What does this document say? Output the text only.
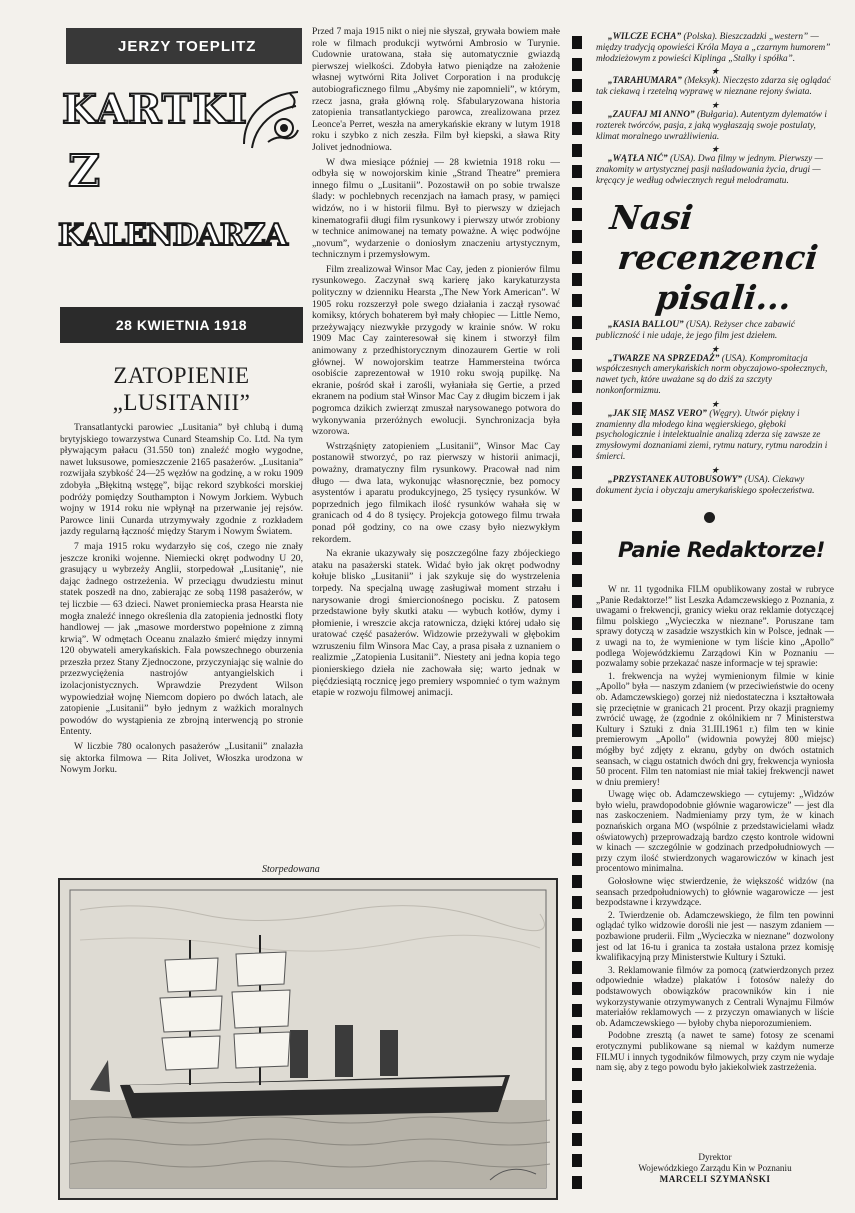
JERZY TOEPLITZ
KARTKI
Z
KALENDARZA
28 KWIETNIA 1918
ZATOPIENIE
„LUSITANII”

Transatlantycki parowiec „Lusitania” był chlubą i dumą brytyjskiego towarzystwa Cunard Steamship Co. Ltd. Na tym pływającym pałacu (31.550 ton) znaleźć mogło wygodne, nawet luksusowe, pomieszczenie 2165 pasażerów. „Lusitania” rozwijała szybkość 24—25 węzłów na godzinę, a w roku 1909 zdobyła „Błękitną wstęgę”, bijąc rekord szybkości morskiej podróży pomiędzy Southampton i Nowym Jorkiem. Wybuch wojny w 1914 roku nie wpłynął na przerwanie jej rejsów. Parowce linii Cunarda utrzymywały zgodnie z rozkładem jazdy regularną łączność między Starym i Nowym Światem.

7 maja 1915 roku wydarzyło się coś, czego nie znały jeszcze kroniki wojenne. Niemiecki okręt podwodny U 20, grasujący u wybrzeży Anglii, storpedował „Lusitanię”, nie dając żadnego ostrzeżenia. W przeciągu dwudziestu minut statek poszedł na dno, zabierając ze sobą 1198 pasażerów, w tej liczbie — 63 dzieci. Nawet proniemiecka prasa Hearsta nie mogła znaleźć innego określenia dla zatopienia jednostki floty handlowej — jak „masowe morderstwo popełnione z zimną krwią”. W odmętach Oceanu znalazło śmierć między innymi 120 obywateli amerykańskich. Fala powszechnego oburzenia przeszła przez Stany Zjednoczone, przyczyniając się walnie do przezwyciężenia nastrojów antyangielskich i izolacjonistycznych. Wprawdzie Prezydent Wilson wypowiedział wojnę Niemcom dopiero po dwóch latach, ale zatopienie „Lusitanii” było jednym z ważkich moralnych powodów do wystąpienia ze zbrojną interwencją po stronie Ententy.

W liczbie 780 ocalonych pasażerów „Lusitanii” znalazła się aktorka filmowa — Rita Jolivet, Włoszka urodzona w Nowym Jorku.

Przed 7 maja 1915 nikt o niej nie słyszał, grywała bowiem małe role w filmach produkcji wytwórni Ambrosio w Turynie. Cudownie uratowana, stała się automatycznie gwiazdą pierwszej wielkości. Zdobyła łatwo pieniądze na założenie własnej wytwórni Rita Jolivet Corporation i na produkcję autobiograficznego filmu „Abyśmy nie zapomnieli”, w którym, rzecz jasna, grała główną rolę. Sfabularyzowana historia zatopienia transatlantyckiego parowca, zrealizowana przez Leonce'a Perret, weszła na amerykańskie ekrany w lutym 1918 roku i szybko z nich zeszła. Film był kiepski, a sława Rity Jolivet jednodniowa.

W dwa miesiące później — 28 kwietnia 1918 roku — odbyła się w nowojorskim kinie „Strand Theatre” premiera innego filmu o „Lusitanii”. Pozostawił on po sobie trwalsze ślady: w pochlebnych recenzjach na łamach prasy, w pamięci widzów, no i w historii filmu. Był to pierwszy w dziejach kinematografii długi film rysunkowy i pierwszy utwór zrobiony w technice animowanej na tematy poważne. A więc podwójne „novum”, wydarzenie o doniosłym znaczeniu artystycznym, technicznym i przemysłowym.

Film zrealizował Winsor Mac Cay, jeden z pionierów filmu rysunkowego. Zaczynał swą karierę jako karykaturzysta polityczny w dzienniku Hearsta „The New York American”. W 1905 roku rozszerzył pole swego działania i zaczął rysować komiksy, których bohaterem był mały chłopiec — Little Nemo, przeżywający niezwykłe przygody w krainie snów. W roku 1909 Mac Cay zainteresował się kinem i stworzył film animowany z przedhistorycznym dinozaurem Gertie w roli głównej. W nowojorskim teatrze Hammersteina twórca osobiście zaprezentował w 1910 roku swoją pupilkę. Na ekranie, pośród skał i zarośli, wyłaniała się Gertie, a przed ekranem na podium stał Winsor Mac Cay z długim biczem i jak pogromca dzikich zwierząt zmuszał narysowanego potwora do wykonywania przeróżnych ewolucji. Synchronizacja była wzorowa.

Wstrząśnięty zatopieniem „Lusitanii”, Winsor Mac Cay postanowił stworzyć, po raz pierwszy w historii animacji, poważny, dramatyczny film rysunkowy. Pracował nad nim długo — dwa lata, wykonując własnoręcznie, bez pomocy asystentów i aparatu produkcyjnego, 25 tysięcy rysunków. W poprzednich jego filmikach ilość rysunków wahała się w granicach od 4 do 8 tysięcy. Projekcja gotowego filmu trwała ponad pół godziny, co na owe czasy było niezwykłym rekordem.

Na ekranie ukazywały się poszczególne fazy zbójeckiego ataku na pasażerski statek. Widać było jak okręt podwodny kołuje blisko „Lusitanii” i jak szykuje się do wystrzelenia torpedy. Na specjalną uwagę zasługiwał moment strzału i narysowanie drogi śmiercionośnego pocisku. Z patosem przedstawione były skutki ataku — wybuch kotłów, dymy i płomienie, i wreszcie akcja ratownicza, dzięki której udało się uratować część pasażerów. Widzowie przeżywali w głębokim wzruszeniu film Winsora Mac Cay, a prasa pisała z uznaniem o realizmie „Zatopienia Lusitanii”. Niestety ani jedna kopia tego pionierskiego dzieła nie zachowała się; warto jednak w pięćdziesiątą rocznicę jego premiery wspomnieć o tym ważnym etapie w rozwoju filmowej animacji.

Storpedowana
„WILCZE ECHA” (Polska). Bieszczadzki „western” — między tradycją opowieści Króla Maya a „czarnym humorem” młodzieżowym z powieści Kiplinga „Stalky i spółka”.
★
„TARAHUMARA” (Meksyk). Nieczęsto zdarza się oglądać tak ciekawą i rzetelną wyprawę w nieznane rejony świata.
★
„ZAUFAJ MI ANNO” (Bułgaria). Autentyzm dylematów i rozterek twórców, pasja, z jaką wygłaszają swoje postulaty, klimat moralnego uwrażliwienia.
★
„WĄTŁA NIĆ” (USA). Dwa filmy w jednym. Pierwszy — znakomity w artystycznej pasji naśladowania życia, drugi — kręcący je według odwiecznych reguł melodramatu.
Nasi
recenzenci
pisali...
„KASIA BALLOU” (USA). Reżyser chce zabawić publiczność i nie udaje, że jego film jest dziełem.
★
„TWARZE NA SPRZEDAŻ” (USA). Kompromitacja współczesnych amerykańskich norm obyczajowo-społecznych, nawet tych, które uważane są do dziś za szczyty nonkonformizmu.
★
„JAK SIĘ MASZ VERO” (Węgry). Utwór piękny i znamienny dla młodego kina węgierskiego, głęboki psychologicznie i intelektualnie analizą zderza się zawsze ze zmysłowymi doznaniami ziemi, rytmu natury, rytmu narodzin i śmierci.
★
„PRZYSTANEK AUTOBUSOWY” (USA). Ciekawy dokument życia i obyczaju amerykańskiego społeczeństwa.
Panie Redaktorze!

W nr. 11 tygodnika FILM opublikowany został w rubryce „Panie Redaktorze!” list Leszka Adamczewskiego z Poznania, z uwagami o frekwencji, granicy wieku oraz reklamie dotyczącej filmu polskiego „Wycieczka w nieznane”. Poruszane tam sprawy dotyczą w zasadzie wszystkich kin w Polsce, jednak — z uwagi na to, że wymienione w tym liście kino „Apollo” podlega Wojewódzkiemu Zarządowi Kin w Poznaniu — pozwalamy sobie przekazać nasze informacje w tej sprawie:

1. frekwencja na wyżej wymienionym filmie w kinie „Apollo” była — naszym zdaniem (w przeciwieństwie do oceny ob. Adamczewskiego) gorzej niż niedostateczna i kształtowała się przeciętnie w granicach 21 procent. Przy okazji pragniemy zwrócić uwagę, że (zgodnie z okólnikiem nr 7 Ministerstwa Kultury i Sztuki z dnia 31.III.1961 r.) film ten w kinie premierowym „Apollo” (widownia powyżej 800 miejsc) mógłby być zdjęty z ekranu, gdyby on dwóch ostatnich seansach, w ciągu ostatnich dwóch dni gry, frekwencja wyniosła 50 procent. Film ten natomiast nie miał takiej frekwencji nawet w dniu premiery!

Uwagę więc ob. Adamczewskiego — cytujemy: „Widzów było wielu, prawdopodobnie głównie wagarowicze” — jest dla nas zaskoczeniem. Nadmieniamy przy tym, że w kinach poznańskich organa MO (wspólnie z przedstawicielami władz oświatowych) przeprowadzają bardzo często kontrole widowni w kinach — szczególnie w godzinach przedpołudniowych — przy czym ilość stwierdzonych wagarowiczów w kinach jest procentowo minimalna.

Gołosłowne więc stwierdzenie, że większość widzów (na seansach przedpołudniowych) to głównie wagarowicze — jest bezpodstawne i krzywdzące.

2. Twierdzenie ob. Adamczewskiego, że film ten powinni oglądać tylko widzowie dorośli nie jest — naszym zdaniem — pozbawione pruderii. Film „Wycieczka w nieznane” dozwolony jest od lat 16-tu i granica ta została ustalona przez komisję kwalifikacyjną przy Ministerstwie Kultury i Sztuki.

3. Reklamowanie filmów za pomocą (zatwierdzonych przez odpowiednie władze) plakatów i fotosów należy do podstawowych obowiązków pracowników kin i nie wykorzystywanie otrzymywanych z Centrali Wynajmu Filmów materiałów reklamowych — z przyczyn omawianych w liście ob. Adamczewskiego — byłoby chyba nieporozumieniem.

Podobne zresztą (a nawet te same) fotosy ze scenami erotycznymi publikowane są niemal w każdym numerze FILMU i innych tygodników filmowych, przy czym nie wydaje nam się, aby z tego powodu było jakiekolwiek zastrzeżenia.

Dyrektor
Wojewódzkiego Zarządu Kin w Poznaniu
MARCELI SZYMAŃSKI
